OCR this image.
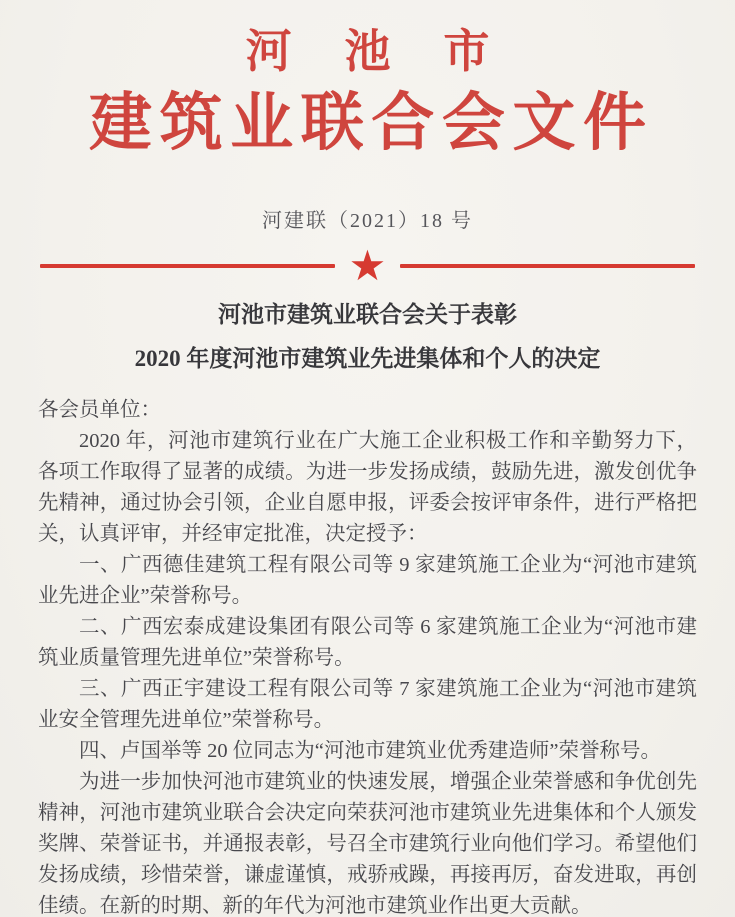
河池市
建筑业联合会文件
河建联（2021）18 号
★
河池市建筑业联合会关于表彰
2020 年度河池市建筑业先进集体和个人的决定

各会员单位：

2020 年，河池市建筑行业在广大施工企业积极工作和辛勤努力下，各项工作取得了显著的成绩。为进一步发扬成绩，鼓励先进，激发创优争先精神，通过协会引领，企业自愿申报，评委会按评审条件，进行严格把关，认真评审，并经审定批准，决定授予：

一、广西德佳建筑工程有限公司等 9 家建筑施工企业为“河池市建筑业先进企业”荣誉称号。

二、广西宏泰成建设集团有限公司等 6 家建筑施工企业为“河池市建筑业质量管理先进单位”荣誉称号。

三、广西正宇建设工程有限公司等 7 家建筑施工企业为“河池市建筑业安全管理先进单位”荣誉称号。

四、卢国举等 20 位同志为“河池市建筑业优秀建造师”荣誉称号。

为进一步加快河池市建筑业的快速发展，增强企业荣誉感和争优创先精神，河池市建筑业联合会决定向荣获河池市建筑业先进集体和个人颁发奖牌、荣誉证书，并通报表彰，号召全市建筑行业向他们学习。希望他们发扬成绩，珍惜荣誉，谦虚谨慎，戒骄戒躁，再接再厉，奋发进取，再创佳绩。在新的时期、新的年代为河池市建筑业作出更大贡献。
